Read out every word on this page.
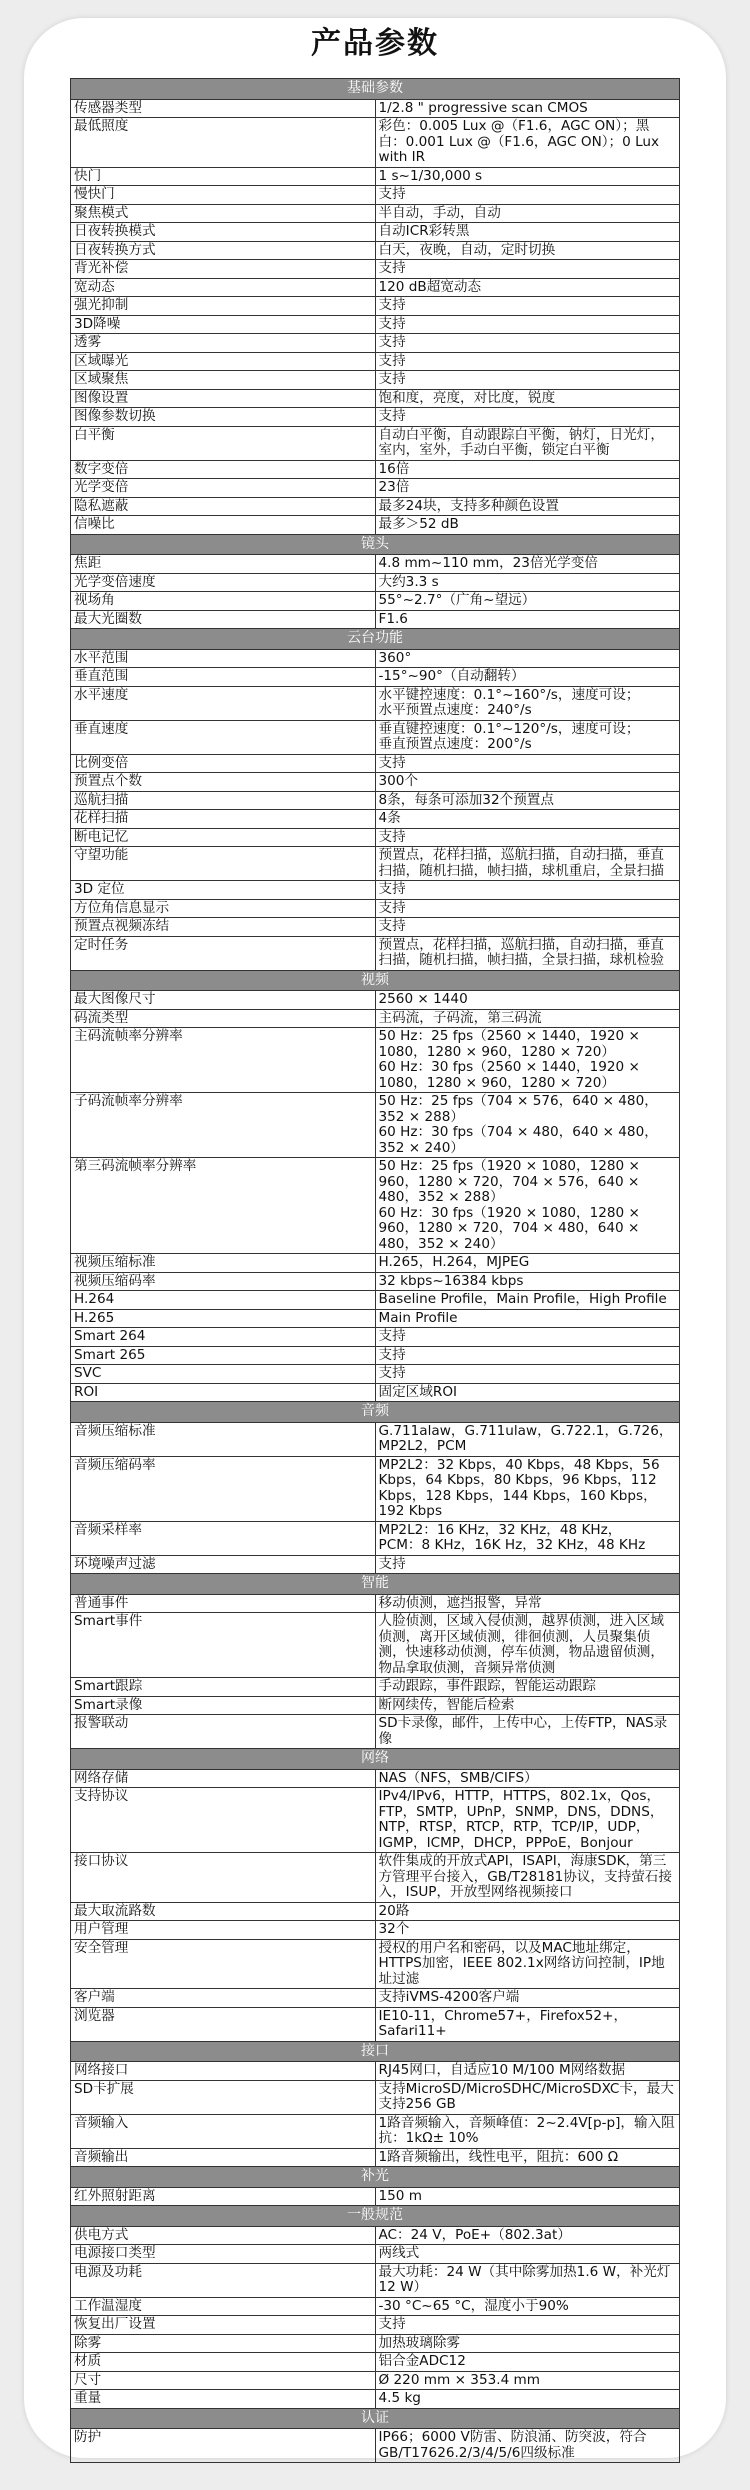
产品参数
基础参数	
传感器类型	1/2.8 " progressive scan CMOS
最低照度	彩色：0.005 Lux @（F1.6，AGC ON）；黑白：0.001 Lux @（F1.6，AGC ON）；0 Lux with IR
快门	1 s~1/30,000 s
慢快门	支持
聚焦模式	半自动，手动，自动
日夜转换模式	自动ICR彩转黑
日夜转换方式	白天，夜晚，自动，定时切换
背光补偿	支持
宽动态	120 dB超宽动态
强光抑制	支持
3D降噪	支持
透雾	支持
区域曝光	支持
区域聚焦	支持
图像设置	饱和度，亮度，对比度，锐度
图像参数切换	支持
白平衡	自动白平衡，自动跟踪白平衡，钠灯，日光灯，室内，室外，手动白平衡，锁定白平衡
数字变倍	16倍
光学变倍	23倍
隐私遮蔽	最多24块，支持多种颜色设置
信噪比	最多＞52 dB
镜头	
焦距	4.8 mm~110 mm，23倍光学变倍
光学变倍速度	大约3.3 s
视场角	55°~2.7°（广角~望远）
最大光圈数	F1.6
云台功能	
水平范围	360°
垂直范围	-15°~90°（自动翻转）
水平速度	水平键控速度：0.1°~160°/s，速度可设；
水平预置点速度：240°/s
垂直速度	垂直键控速度：0.1°~120°/s，速度可设；
垂直预置点速度：200°/s
比例变倍	支持
预置点个数	300个
巡航扫描	8条，每条可添加32个预置点
花样扫描	4条
断电记忆	支持
守望功能	预置点，花样扫描，巡航扫描，自动扫描，垂直扫描，随机扫描，帧扫描，球机重启，全景扫描
3D 定位	支持
方位角信息显示	支持
预置点视频冻结	支持
定时任务	预置点，花样扫描，巡航扫描，自动扫描，垂直扫描，随机扫描，帧扫描，全景扫描，球机检验
视频	
最大图像尺寸	2560 × 1440
码流类型	主码流，子码流，第三码流
主码流帧率分辨率	50 Hz：25 fps（2560 × 1440，1920 × 1080，1280 × 960，1280 × 720）
60 Hz：30 fps（2560 × 1440，1920 × 1080，1280 × 960，1280 × 720）
子码流帧率分辨率	50 Hz：25 fps（704 × 576，640 × 480，352 × 288）
60 Hz：30 fps（704 × 480，640 × 480，352 × 240）
第三码流帧率分辨率	50 Hz：25 fps（1920 × 1080，1280 × 960，1280 × 720，704 × 576，640 × 480，352 × 288）
60 Hz：30 fps（1920 × 1080，1280 × 960，1280 × 720，704 × 480，640 × 480，352 × 240）
视频压缩标准	H.265，H.264，MJPEG
视频压缩码率	32 kbps~16384 kbps
H.264	Baseline Profile，Main Profile，High Profile
H.265	Main Profile
Smart 264	支持
Smart 265	支持
SVC	支持
ROI	固定区域ROI
音频	
音频压缩标准	G.711alaw，G.711ulaw，G.722.1，G.726，MP2L2，PCM
音频压缩码率	MP2L2：32 Kbps，40 Kbps，48 Kbps，56 Kbps，64 Kbps，80 Kbps，96 Kbps，112 Kbps，128 Kbps，144 Kbps，160 Kbps，192 Kbps
音频采样率	MP2L2：16 KHz，32 KHz，48 KHz，
PCM：8 KHz，16K Hz，32 KHz，48 KHz
环境噪声过滤	支持
智能	
普通事件	移动侦测，遮挡报警，异常
Smart事件	人脸侦测，区域入侵侦测，越界侦测，进入区域侦测，离开区域侦测，徘徊侦测，人员聚集侦测，快速移动侦测，停车侦测，物品遗留侦测，物品拿取侦测，音频异常侦测
Smart跟踪	手动跟踪，事件跟踪，智能运动跟踪
Smart录像	断网续传，智能后检索
报警联动	SD卡录像，邮件，上传中心，上传FTP，NAS录像
网络	
网络存储	NAS（NFS，SMB/CIFS）
支持协议	IPv4/IPv6，HTTP，HTTPS，802.1x，Qos，FTP，SMTP，UPnP，SNMP，DNS，DDNS，NTP，RTSP，RTCP，RTP，TCP/IP，UDP，IGMP，ICMP，DHCP，PPPoE，Bonjour
接口协议	软件集成的开放式API，ISAPI，海康SDK，第三方管理平台接入，GB/T28181协议，支持萤石接入，ISUP，开放型网络视频接口
最大取流路数	20路
用户管理	32个
安全管理	授权的用户名和密码，以及MAC地址绑定，HTTPS加密，IEEE 802.1x网络访问控制，IP地址过滤
客户端	支持iVMS-4200客户端
浏览器	IE10-11，Chrome57+，Firefox52+，Safari11+
接口	
网络接口	RJ45网口，自适应10 M/100 M网络数据
SD卡扩展	支持MicroSD/MicroSDHC/MicroSDXC卡，最大支持256 GB
音频输入	1路音频输入，音频峰值：2~2.4V[p-p]，输入阻抗：1kΩ± 10%
音频输出	1路音频输出，线性电平，阻抗：600 Ω
补光	
红外照射距离	150 m
一般规范	
供电方式	AC：24 V，PoE+（802.3at）
电源接口类型	两线式
电源及功耗	最大功耗：24 W（其中除雾加热1.6 W，补光灯12 W）
工作温湿度	-30 °C~65 °C，湿度小于90%
恢复出厂设置	支持
除雾	加热玻璃除雾
材质	铝合金ADC12
尺寸	Ø 220 mm × 353.4 mm
重量	4.5 kg
认证	
防护	IP66；6000 V防雷、防浪涌、防突波，符合GB/T17626.2/3/4/5/6四级标准
